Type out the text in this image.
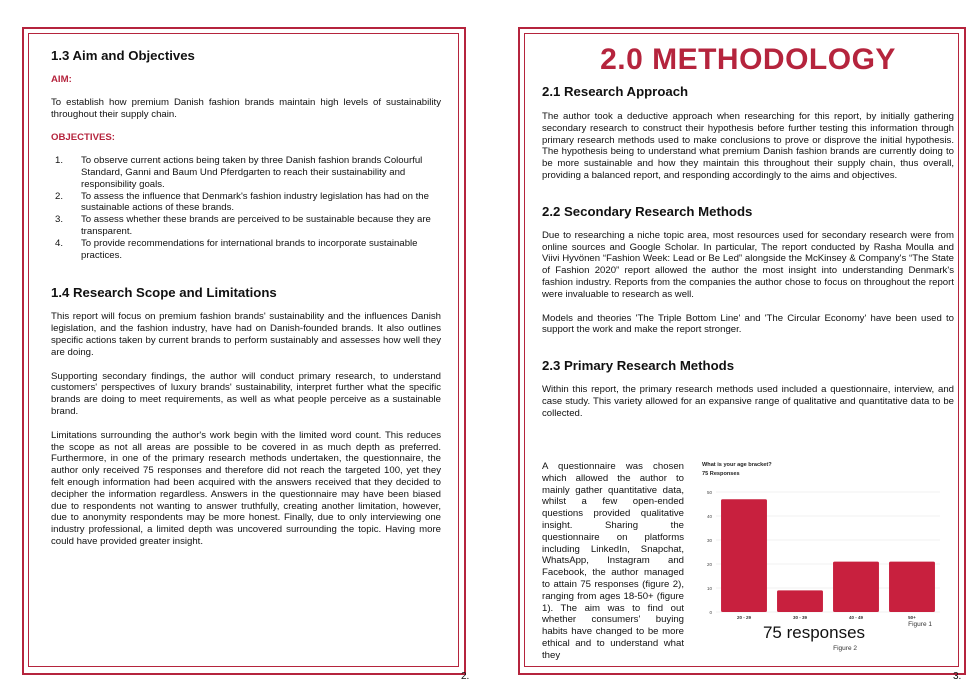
1.3 Aim and Objectives
AIM:

To establish how premium Danish fashion brands maintain high levels of sustainability throughout their supply chain.

OBJECTIVES:
1. To observe current actions being taken by three Danish fashion brands Colourful Standard, Ganni and Baum Und Pferdgarten to reach their sustainability and responsibility goals.
2. To assess the influence that Denmark's fashion industry legislation has had on the sustainable actions of these brands.
3. To assess whether these brands are perceived to be sustainable because they are transparent.
4. To provide recommendations for international brands to incorporate sustainable practices.
1.4 Research Scope and Limitations

This report will focus on premium fashion brands' sustainability and the influences Danish legislation, and the fashion industry, have had on Danish-founded brands. It also outlines specific actions taken by current brands to perform sustainably and assesses how well they are doing.

Supporting secondary findings, the author will conduct primary research, to understand customers' perspectives of luxury brands' sustainability, interpret further what the specific brands are doing to meet requirements, as well as what people perceive as a sustainable brand.

Limitations surrounding the author's work begin with the limited word count. This reduces the scope as not all areas are possible to be covered in as much depth as preferred. Furthermore, in one of the primary research methods undertaken, the questionnaire, the author only received 75 responses and therefore did not reach the targeted 100, yet they felt enough information had been acquired with the answers received that they decided to decipher the information regardless. Answers in the questionnaire may have been biased due to respondents not wanting to answer truthfully, creating another limitation, however, due to anonymity respondents may be more honest. Finally, due to only interviewing one industry professional, a limited depth was uncovered surrounding the topic. Having more could have provided greater insight.

2.
2.0 METHODOLOGY
2.1 Research Approach

The author took a deductive approach when researching for this report, by initially gathering secondary research to construct their hypothesis before further testing this information through primary research methods used to make conclusions to prove or disprove the initial hypothesis. The hypothesis being to understand what premium Danish fashion brands are currently doing to be more sustainable and how they maintain this throughout their supply chain, thus overall, providing a balanced report, and responding accordingly to the aims and objectives.

2.2 Secondary Research Methods

Due to researching a niche topic area, most resources used for secondary research were from online sources and Google Scholar. In particular, The report conducted by Rasha Moulla and Viivi Hyvönen “Fashion Week: Lead or Be Led” alongside the McKinsey & Company's “The State of Fashion 2020” report allowed the author the most insight into understanding Denmark's fashion industry. Reports from the companies the author chose to focus on throughout the report were invaluable to research as well.

Models and theories 'The Triple Bottom Line' and 'The Circular Economy' have been used to support the work and make the report stronger.

2.3 Primary Research Methods

Within this report, the primary research methods used included a questionnaire, interview, and case study. This variety allowed for an expansive range of qualitative and quantitative data to be collected.

3.

A questionnaire was chosen which allowed the author to mainly gather quantitative data, whilst a few open-ended questions provided qualitative insight. Sharing the questionnaire on platforms including LinkedIn, Snapchat, WhatsApp, Instagram and Facebook, the author managed to attain 75 responses (figure 2), ranging from ages 18-50+ (figure 1). The aim was to find out whether consumers' buying habits have changed to be more ethical and to understand what they

What is your age bracket?
75 Responses
0
10
20
30
40
50
20 - 29	30 - 39	40 - 49	50+
Figure 1
75 responses
Figure 2
